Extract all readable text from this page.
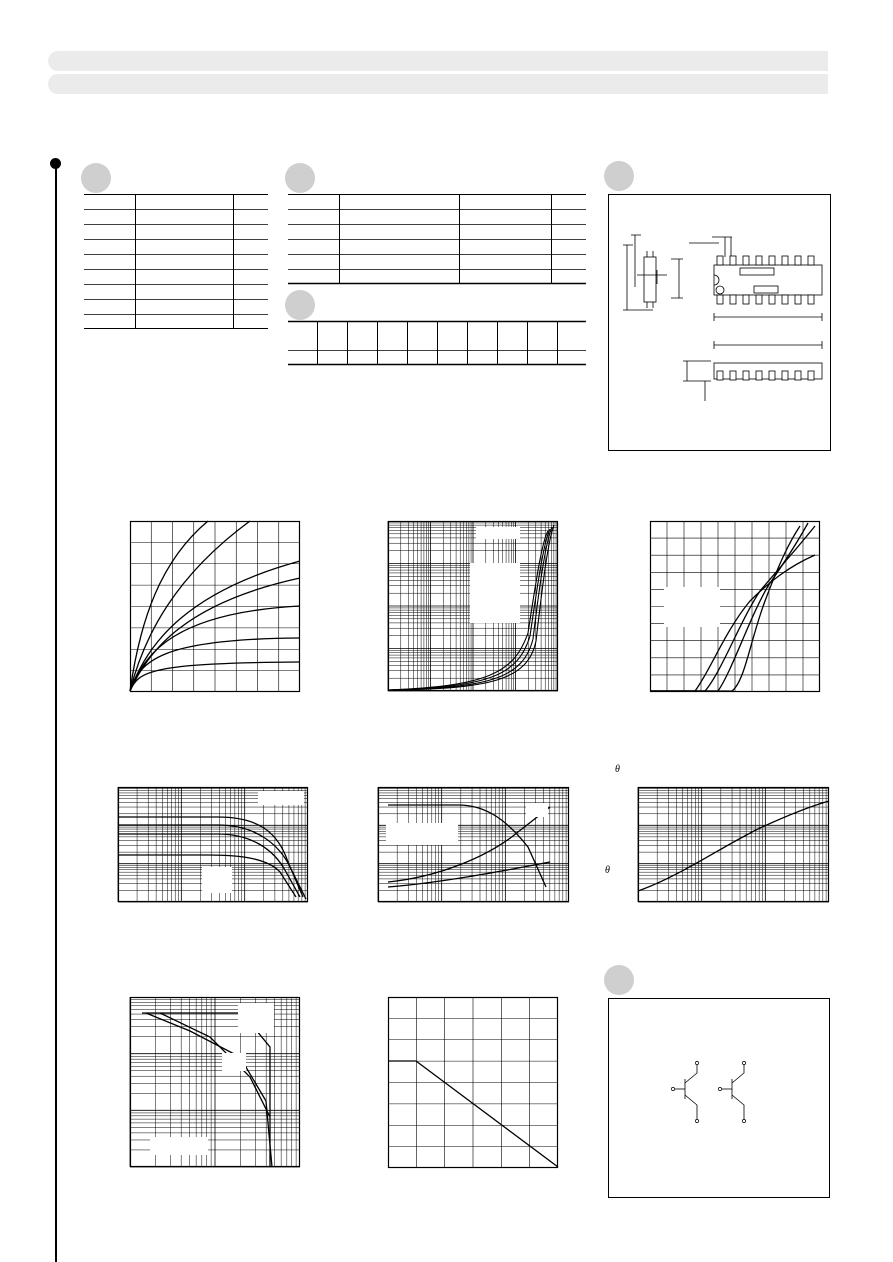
θ
θ
